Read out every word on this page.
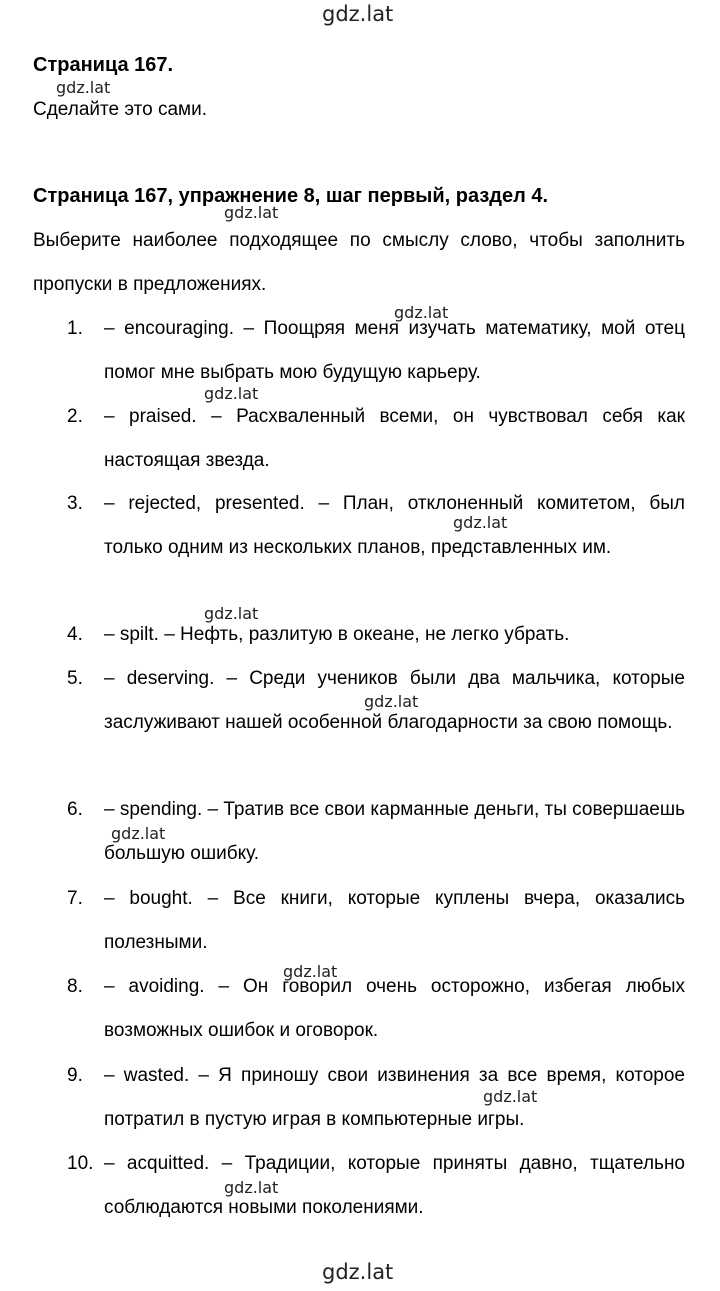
gdz.lat
gdz.lat
gdz.lat
gdz.lat
gdz.lat
gdz.lat
gdz.lat
gdz.lat
gdz.lat
gdz.lat
gdz.lat
gdz.lat
gdz.lat
Страница 167.
Сделайте это сами.
Страница 167, упражнение 8, шаг первый, раздел 4.
Выберите наиболее подходящее по смыслу слово, чтобы заполнить пропуски в предложениях.
1. – encouraging. – Поощряя меня изучать математику, мой отец помог мне выбрать мою будущую карьеру.
2. – praised. – Расхваленный всеми, он чувствовал себя как настоящая звезда.
3. – rejected, presented. – План, отклоненный комитетом, был только одним из нескольких планов, представленных им.
4. – spilt. – Нефть, разлитую в океане, не легко убрать.
5. – deserving. – Среди учеников были два мальчика, которые заслуживают нашей особенной благодарности за свою помощь.
6. – spending. – Тратив все свои карманные деньги, ты совершаешь большую ошибку.
7. – bought. – Все книги, которые куплены вчера, оказались полезными.
8. – avoiding. – Он говорил очень осторожно, избегая любых возможных ошибок и оговорок.
9. – wasted. – Я приношу свои извинения за все время, которое потратил в пустую играя в компьютерные игры.
10. – acquitted. – Традиции, которые приняты давно, тщательно соблюдаются новыми поколениями.
